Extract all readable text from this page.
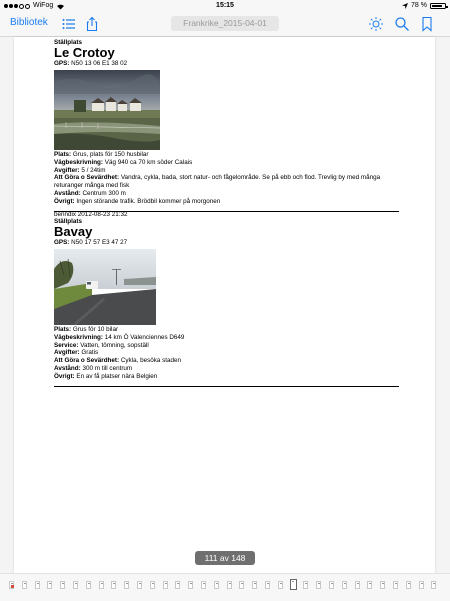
WiFog	15:15	78 %
Bibliotek	Frankrike_2015-04-01
Ställplats
Le Crotoy
GPS: N50 13 06 E1 38 02
Plats: Grus, plats för 150 husbilar
Vägbeskrivning: Väg 940 ca 70 km söder Calais
Avgifter: 5 / 24tim
Att Göra o Sevärdhet: Vandra, cykla, bada, stort natur- och fågelområde. Se på ebb och flod. Trevlig by med många returanger många med fisk
Avstånd: Centrum 300 m
Övrigt: Ingen störande trafik. Brödbil kommer på morgonen
benndix 2012-08-23 21:32
Ställplats
Bavay
GPS: N50 17 57 E3 47 27
Plats: Grus för 10 bilar
Vägbeskrivning: 14 km Ö Valenciennes D649
Service: Vatten, tömning, sopställ
Avgifter: Gratis
Att Göra o Sevärdhet: Cykla, besöka staden
Avstånd: 300 m till centrum
Övrigt: En av få platser nära Belgien
111 av 148
